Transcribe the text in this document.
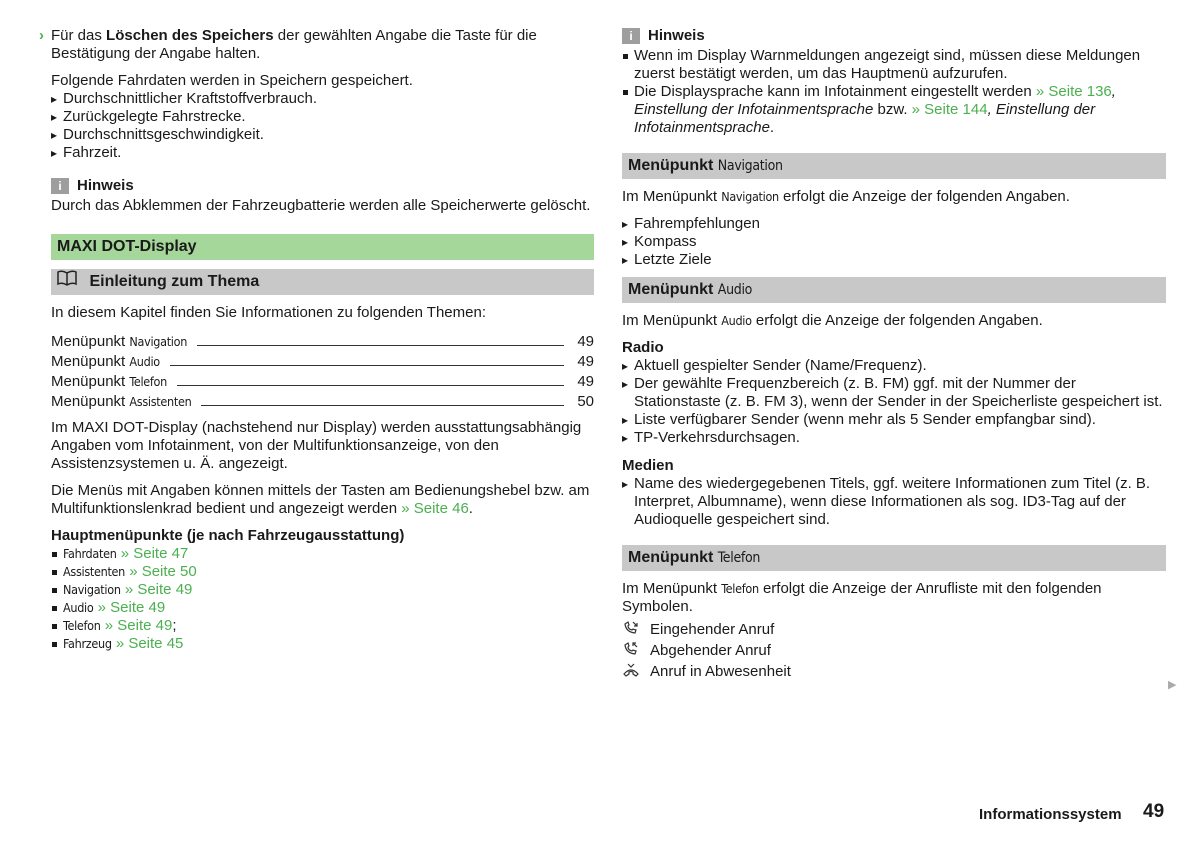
› Für das Löschen des Speichers der gewählten Angabe die Taste für die Bestätigung der Angabe halten.

Folgende Fahrdaten werden in Speichern gespeichert.

▸ Durchschnittlicher Kraftstoffverbrauch.
▸ Zurückgelegte Fahrstrecke.
▸ Durchschnittsgeschwindigkeit.
▸ Fahrzeit.
i	Hinweis

Durch das Abklemmen der Fahrzeugbatterie werden alle Speicherwerte gelöscht.

MAXI DOT-Display
Einleitung zum Thema

In diesem Kapitel finden Sie Informationen zu folgenden Themen:

Menüpunkt Navigation	49
Menüpunkt Audio	49
Menüpunkt Telefon	49
Menüpunkt Assistenten	50

Im MAXI DOT-Display (nachstehend nur Display) werden ausstattungsabhängig Angaben vom Infotainment, von der Multifunktionsanzeige, von den Assistenzsystemen u. Ä. angezeigt.

Die Menüs mit Angaben können mittels der Tasten am Bedienungshebel bzw. am Multifunktionslenkrad bedient und angezeigt werden » Seite 46.

Hauptmenüpunkte (je nach Fahrzeugausstattung)

Fahrdaten » Seite 47
Assistenten » Seite 50
Navigation » Seite 49
Audio » Seite 49
Telefon » Seite 49;
Fahrzeug » Seite 45
i	Hinweis
Wenn im Display Warnmeldungen angezeigt sind, müssen diese Meldungen zuerst bestätigt werden, um das Hauptmenü aufzurufen.
Die Displaysprache kann im Infotainment eingestellt werden » Seite 136, Einstellung der Infotainmentsprache bzw. » Seite 144, Einstellung der Infotainmentsprache.
Menüpunkt Navigation

Im Menüpunkt Navigation erfolgt die Anzeige der folgenden Angaben.

▸ Fahrempfehlungen
▸ Kompass
▸ Letzte Ziele
Menüpunkt Audio

Im Menüpunkt Audio erfolgt die Anzeige der folgenden Angaben.

Radio

▸ Aktuell gespielter Sender (Name/Frequenz).
▸ Der gewählte Frequenzbereich (z. B. FM) ggf. mit der Nummer der Stationstaste (z. B. FM 3), wenn der Sender in der Speicherliste gespeichert ist.
▸ Liste verfügbarer Sender (wenn mehr als 5 Sender empfangbar sind).
▸ TP-Verkehrsdurchsagen.

Medien

▸ Name des wiedergegebenen Titels, ggf. weitere Informationen zum Titel (z. B. Interpret, Albumname), wenn diese Informationen als sog. ID3-Tag auf der Audioquelle gespeichert sind.
Menüpunkt Telefon

Im Menüpunkt Telefon erfolgt die Anzeige der Anrufliste mit den folgenden Symbolen.

Eingehender Anruf
Abgehender Anruf
Anruf in Abwesenheit
▶
Informationssystem 49
